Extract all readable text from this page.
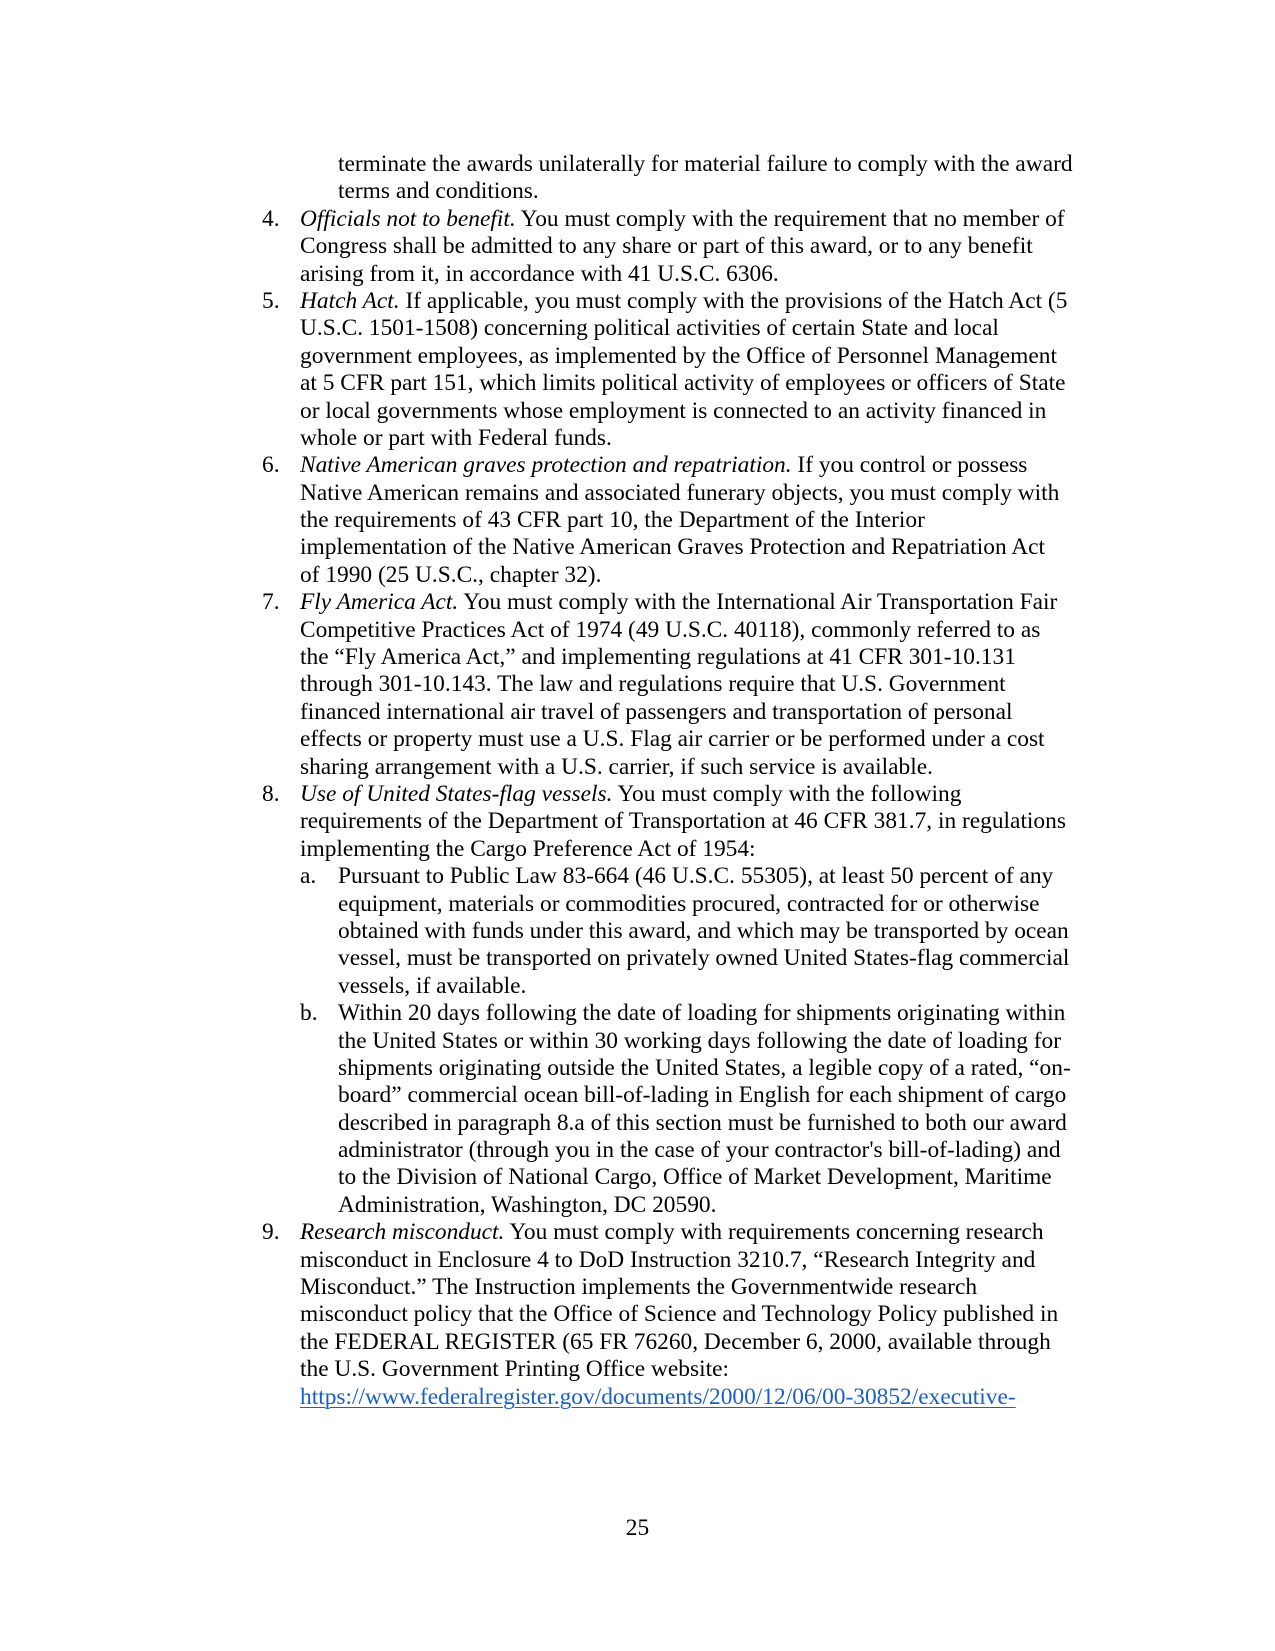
terminate the awards unilaterally for material failure to comply with the award
terms and conditions.
4. Officials not to benefit. You must comply with the requirement that no member of
Congress shall be admitted to any share or part of this award, or to any benefit
arising from it, in accordance with 41 U.S.C. 6306.
5. Hatch Act. If applicable, you must comply with the provisions of the Hatch Act (5
U.S.C. 1501-1508) concerning political activities of certain State and local
government employees, as implemented by the Office of Personnel Management
at 5 CFR part 151, which limits political activity of employees or officers of State
or local governments whose employment is connected to an activity financed in
whole or part with Federal funds.
6. Native American graves protection and repatriation. If you control or possess
Native American remains and associated funerary objects, you must comply with
the requirements of 43 CFR part 10, the Department of the Interior
implementation of the Native American Graves Protection and Repatriation Act
of 1990 (25 U.S.C., chapter 32).
7. Fly America Act. You must comply with the International Air Transportation Fair
Competitive Practices Act of 1974 (49 U.S.C. 40118), commonly referred to as
the “Fly America Act,” and implementing regulations at 41 CFR 301-10.131
through 301-10.143. The law and regulations require that U.S. Government
financed international air travel of passengers and transportation of personal
effects or property must use a U.S. Flag air carrier or be performed under a cost
sharing arrangement with a U.S. carrier, if such service is available.
8. Use of United States-flag vessels. You must comply with the following
requirements of the Department of Transportation at 46 CFR 381.7, in regulations
implementing the Cargo Preference Act of 1954:
a. Pursuant to Public Law 83-664 (46 U.S.C. 55305), at least 50 percent of any
equipment, materials or commodities procured, contracted for or otherwise
obtained with funds under this award, and which may be transported by ocean
vessel, must be transported on privately owned United States-flag commercial
vessels, if available.
b. Within 20 days following the date of loading for shipments originating within
the United States or within 30 working days following the date of loading for
shipments originating outside the United States, a legible copy of a rated, “on-
board” commercial ocean bill-of-lading in English for each shipment of cargo
described in paragraph 8.a of this section must be furnished to both our award
administrator (through you in the case of your contractor's bill-of-lading) and
to the Division of National Cargo, Office of Market Development, Maritime
Administration, Washington, DC 20590.
9. Research misconduct. You must comply with requirements concerning research
misconduct in Enclosure 4 to DoD Instruction 3210.7, “Research Integrity and
Misconduct.” The Instruction implements the Governmentwide research
misconduct policy that the Office of Science and Technology Policy published in
the FEDERAL REGISTER (65 FR 76260, December 6, 2000, available through
the U.S. Government Printing Office website:
https://www.federalregister.gov/documents/2000/12/06/00-30852/executive-
25
